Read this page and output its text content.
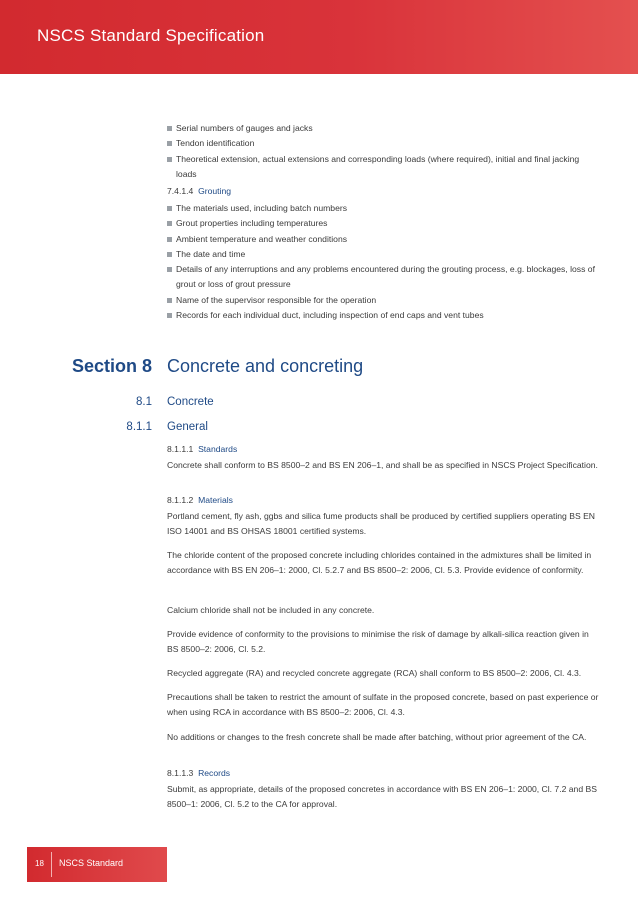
NSCS Standard Specification
Serial numbers of gauges and jacks
Tendon identification
Theoretical extension, actual extensions and corresponding loads (where required), initial and final jacking loads
7.4.1.4 Grouting
The materials used, including batch numbers
Grout properties including temperatures
Ambient temperature and weather conditions
The date and time
Details of any interruptions and any problems encountered during the grouting process, e.g. blockages, loss of grout or loss of grout pressure
Name of the supervisor responsible for the operation
Records for each individual duct, including inspection of end caps and vent tubes
Section 8 Concrete and concreting
8.1 Concrete
8.1.1 General
8.1.1.1 Standards
Concrete shall conform to BS 8500–2 and BS EN 206–1, and shall be as specified in NSCS Project Specification.
8.1.1.2 Materials
Portland cement, fly ash, ggbs and silica fume products shall be produced by certified suppliers operating BS EN ISO 14001 and BS OHSAS 18001 certified systems.
The chloride content of the proposed concrete including chlorides contained in the admixtures shall be limited in accordance with BS EN 206–1: 2000, Cl. 5.2.7 and BS 8500–2: 2006, Cl. 5.3. Provide evidence of conformity.
Calcium chloride shall not be included in any concrete.
Provide evidence of conformity to the provisions to minimise the risk of damage by alkali-silica reaction given in BS 8500–2: 2006, Cl. 5.2.
Recycled aggregate (RA) and recycled concrete aggregate (RCA) shall conform to BS 8500–2: 2006, Cl. 4.3.
Precautions shall be taken to restrict the amount of sulfate in the proposed concrete, based on past experience or when using RCA in accordance with BS 8500–2: 2006, Cl. 4.3.
No additions or changes to the fresh concrete shall be made after batching, without prior agreement of the CA.
8.1.1.3 Records
Submit, as appropriate, details of the proposed concretes in accordance with BS EN 206–1: 2000, Cl. 7.2 and BS 8500–1: 2006, Cl. 5.2 to the CA for approval.
18 NSCS Standard
